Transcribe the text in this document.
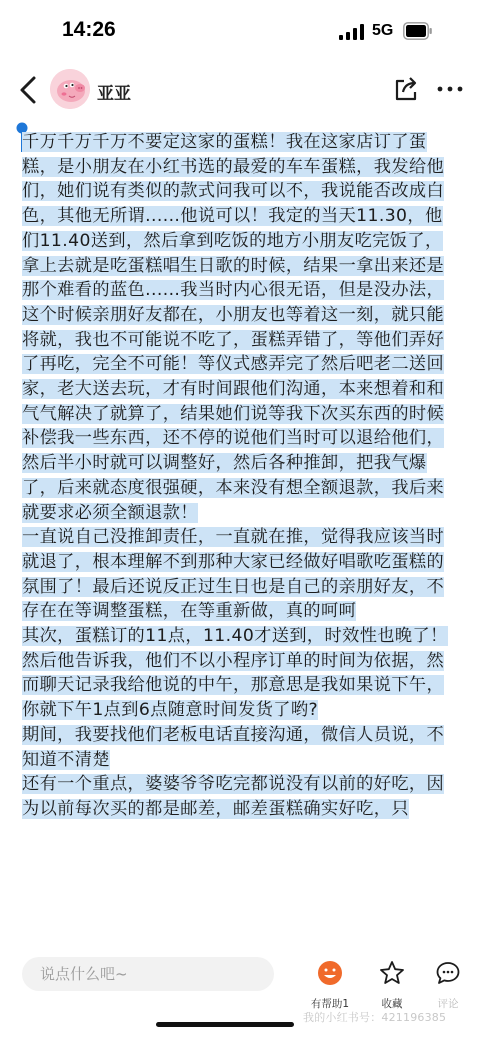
14:26	5G
亚亚
千万千万千万不要定这家的蛋糕！我在这家店订了蛋糕，是小朋友在小红书选的最爱的车车蛋糕，我发给他们，她们说有类似的款式问我可以不，我说能否改成白色，其他无所谓......他说可以！我定的当天11.30，他们11.40送到，然后拿到吃饭的地方小朋友吃完饭了，拿上去就是吃蛋糕唱生日歌的时候，结果一拿出来还是那个难看的蓝色......我当时内心很无语，但是没办法，这个时候亲朋好友都在，小朋友也等着这一刻，就只能将就，我也不可能说不吃了，蛋糕弄错了，等他们弄好了再吃，完全不可能！等仪式感弄完了然后吧老二送回家，老大送去玩，才有时间跟他们沟通，本来想着和和气气解决了就算了，结果她们说等我下次买东西的时候补偿我一些东西，还不停的说他们当时可以退给他们，然后半小时就可以调整好，然后各种推卸，把我气爆了，后来就态度很强硬，本来没有想全额退款，我后来就要求必须全额退款！
一直说自己没推卸责任，一直就在推，觉得我应该当时就退了，根本理解不到那种大家已经做好唱歌吃蛋糕的氛围了！最后还说反正过生日也是自己的亲朋好友，不存在在等调整蛋糕，在等重新做，真的呵呵
其次，蛋糕订的11点，11.40才送到，时效性也晚了！然后他告诉我，他们不以小程序订单的时间为依据，然而聊天记录我给他说的中午，那意思是我如果说下午，你就下午1点到6点随意时间发货了哟?
期间，我要找他们老板电话直接沟通，微信人员说，不知道不清楚
还有一个重点，婆婆爷爷吃完都说没有以前的好吃，因为以前每次买的都是邮差，邮差蛋糕确实好吃，只
说点什么吧~
有帮助1	收藏	评论
我的小红书号：421196385
